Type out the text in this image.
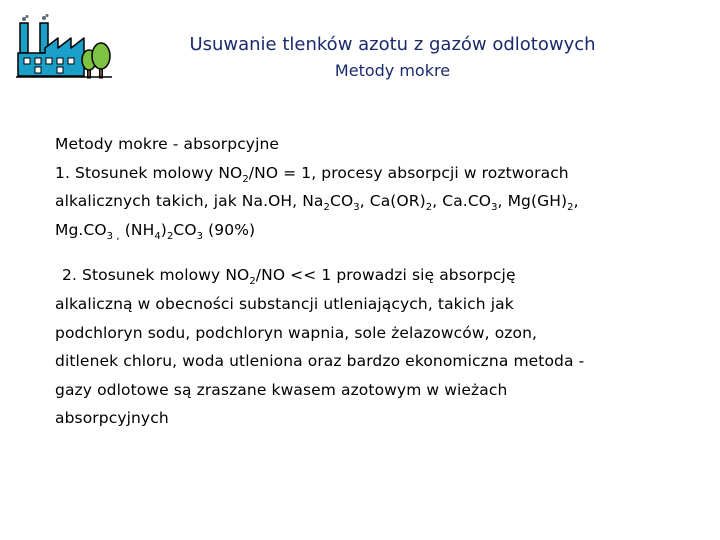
Usuwanie tlenków azotu z gazów odlotowych
Metody mokre

Metody mokre - absorpcyjne

1. Stosunek molowy $NO_2/NO = 1$, procesy absorpcji w roztworach

alkalicznych takich, jak Na.OH, $Na_2CO_3$, $Ca(OR)_2$, $Ca.CO_3$, $Mg(GH)_2$,

$Mg.CO_{3 ,}$ $(NH_4)_2CO_3$ (90%)

2. Stosunek molowy $NO_2/NO << 1$ prowadzi się absorpcję

alkaliczną w obecności substancji utleniających, takich jak

podchloryn sodu, podchloryn wapnia, sole żelazowców, ozon,

ditlenek chloru, woda utleniona oraz bardzo ekonomiczna metoda -

gazy odlotowe są zraszane kwasem azotowym w wieżach

absorpcyjnych
